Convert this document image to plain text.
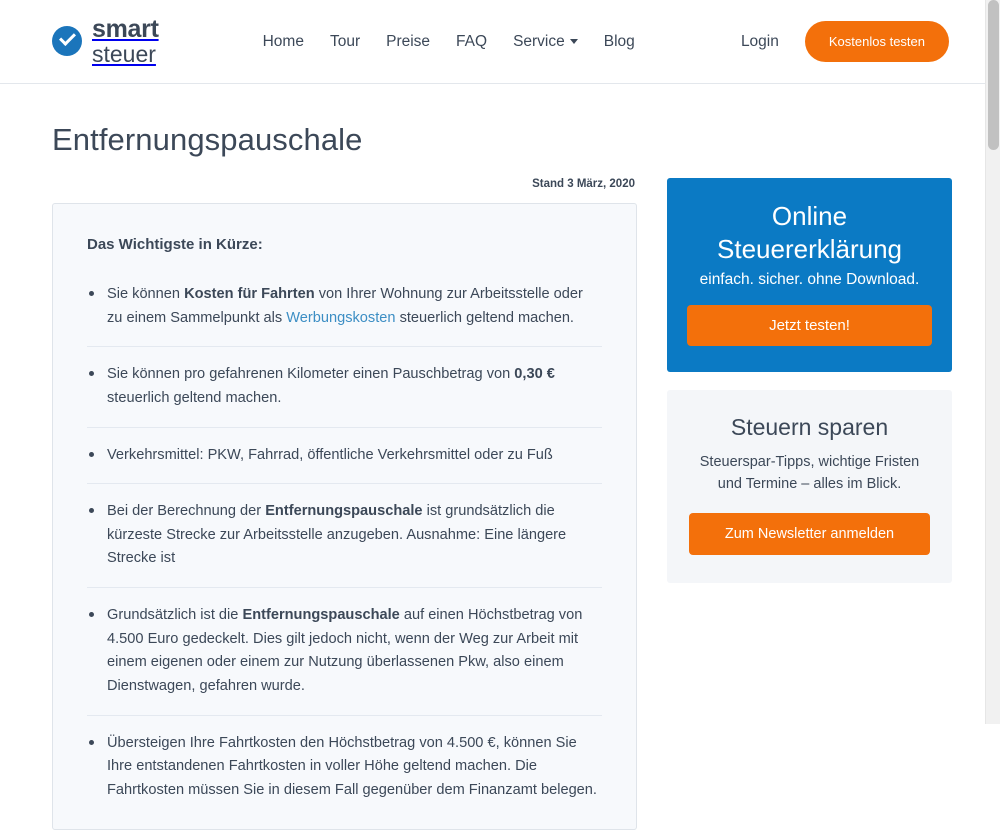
smart
steuer	Home Tour Preise FAQ Service	Blog	Login	Kostenlos testen
Entfernungspauschale
Stand 3 März, 2020
Das Wichtigste in Kürze:
Sie können Kosten für Fahrten von Ihrer Wohnung zur Arbeitsstelle oder zu einem Sammelpunkt als Werbungskosten steuerlich geltend machen.
Sie können pro gefahrenen Kilometer einen Pauschbetrag von 0,30 € steuerlich geltend machen.
Verkehrsmittel: PKW, Fahrrad, öffentliche Verkehrsmittel oder zu Fuß
Bei der Berechnung der Entfernungspauschale ist grundsätzlich die kürzeste Strecke zur Arbeitsstelle anzugeben. Ausnahme: Eine längere Strecke ist
Grundsätzlich ist die Entfernungspauschale auf einen Höchstbetrag von 4.500 Euro gedeckelt. Dies gilt jedoch nicht, wenn der Weg zur Arbeit mit einem eigenen oder einem zur Nutzung überlassenen Pkw, also einem Dienstwagen, gefahren wurde.
Übersteigen Ihre Fahrtkosten den Höchstbetrag von 4.500 €, können Sie Ihre entstandenen Fahrtkosten in voller Höhe geltend machen. Die Fahrtkosten müssen Sie in diesem Fall gegenüber dem Finanzamt belegen.
Online
Steuererklärung
einfach. sicher. ohne Download.
Jetzt testen!
Steuern sparen

Steuerspar-Tipps, wichtige Fristen und Termine – alles im Blick.

Zum Newsletter anmelden
